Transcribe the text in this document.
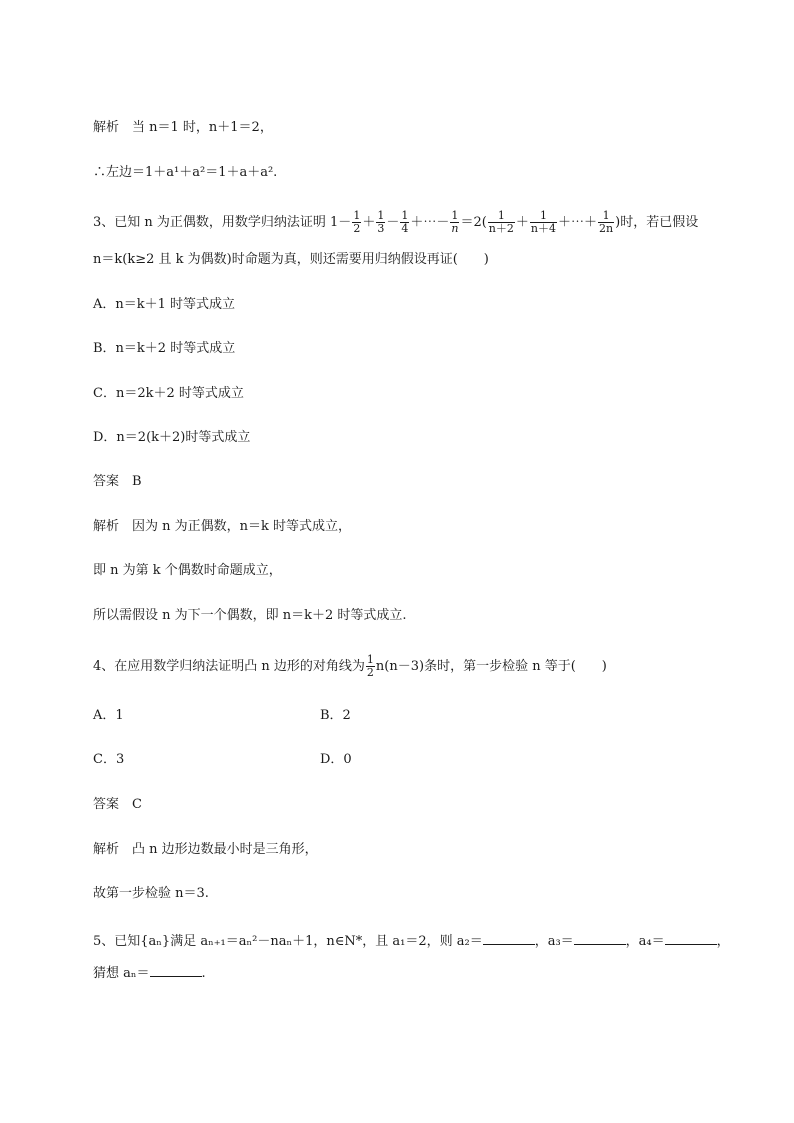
解析　当 n＝1 时，n＋1＝2，
∴左边＝1＋a¹＋a²＝1＋a＋a².
3、已知 n 为正偶数，用数学归纳法证明 $1- \frac{1}{2} + \frac{1}{3} - \frac{1}{4}$ ＋⋯－ $\frac{1}{n} =2( \frac{1}{n+2} + \frac{1}{n+4}$ ＋⋯＋ $\frac{1}{2n}$ )时，若已假设
n＝k(k≥2 且 k 为偶数)时命题为真，则还需要用归纳假设再证(　　)
A．n＝k＋1 时等式成立
B．n＝k＋2 时等式成立
C．n＝2k＋2 时等式成立
D．n＝2(k＋2)时等式成立
答案　B
解析　因为 n 为正偶数，n＝k 时等式成立，
即 n 为第 k 个偶数时命题成立，
所以需假设 n 为下一个偶数，即 n＝k＋2 时等式成立.
4、在应用数学归纳法证明凸 n 边形的对角线为 $\frac{1}{2} n(n-3)$条时，第一步检验 n 等于(　　)
A．1	B．2
C．3	D．0
答案　C
解析　凸 n 边形边数最小时是三角形，
故第一步检验 n＝3.
5、已知{aₙ}满足 aₙ₊₁＝aₙ²－naₙ＋1，n∈N*，且 a₁＝2，则 a₂＝	，a₃＝	，a₄＝	，
猜想 aₙ＝	.
